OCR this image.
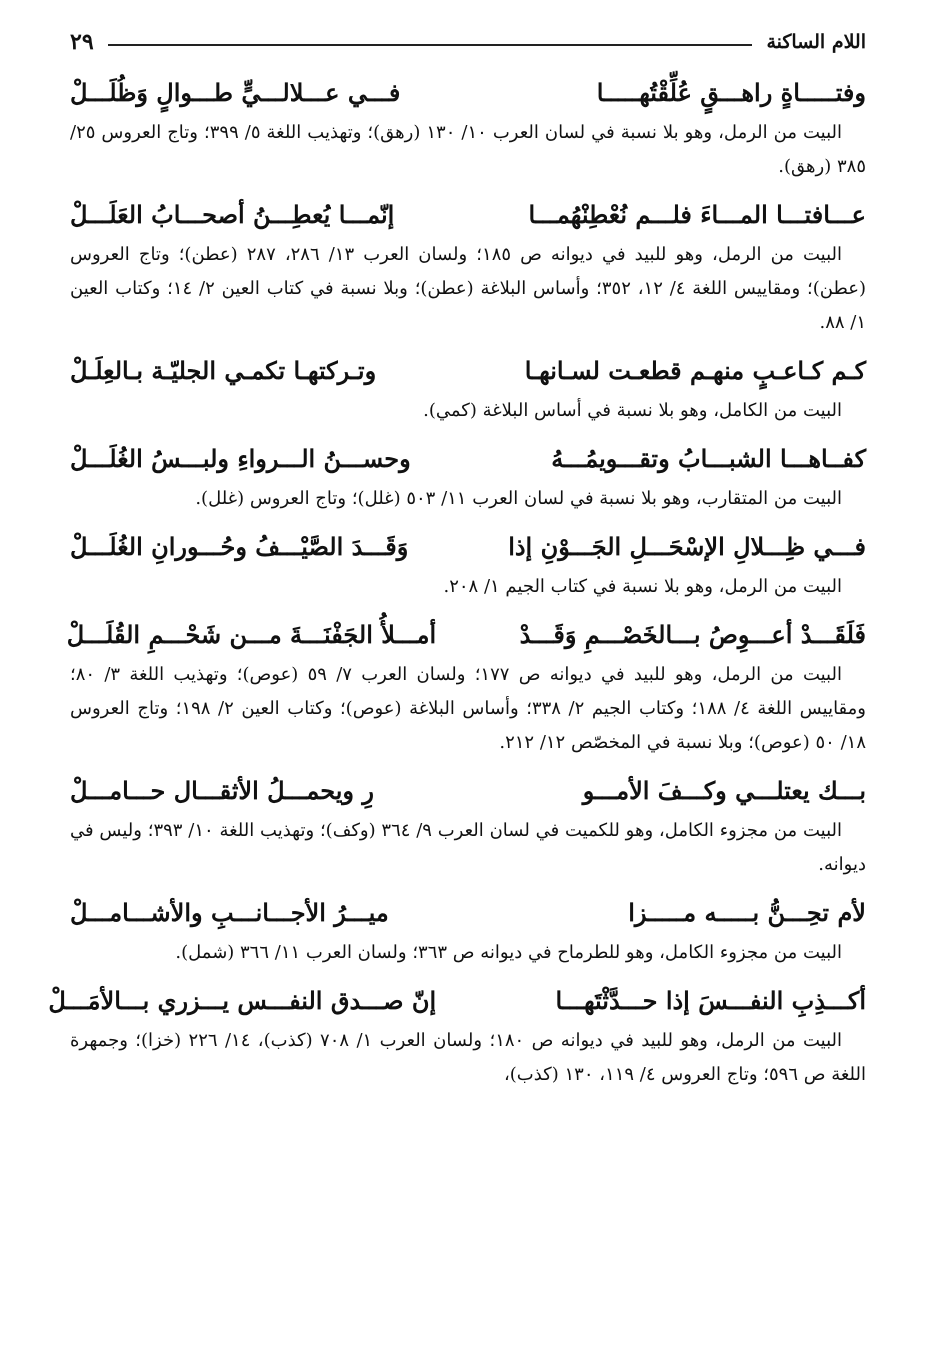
اللام الساكنة
٢٩
وفتـــــاةٍ راهـــقٍ عُلِّقْتُهـــــا
فـــي عـــلالـــيٍّ طـــوالٍ وَظُلَـــلْ

البيت من الرمل، وهو بلا نسبة في لسان العرب ١٠/ ١٣٠ (رهق)؛ وتهذيب اللغة ٥/ ٣٩٩؛ وتاج العروس ٢٥/ ٣٨٥ (رهق).

عـــافتـــا المـــاءَ فلـــم نُعْطِنْهُمـــا
إنّمـــا يُعطِـــنُ أصحـــابُ العَلَـــلْ

البيت من الرمل، وهو للبيد في ديوانه ص ١٨٥؛ ولسان العرب ١٣/ ٢٨٦، ٢٨٧ (عطن)؛ وتاج العروس (عطن)؛ ومقاييس اللغة ٤/ ١٢، ٣٥٢؛ وأساس البلاغة (عطن)؛ وبلا نسبة في كتاب العين ٢/ ١٤؛ وكتاب العين ١/ ٨٨.

كـم كـاعـبٍ منهـم قطعـت لسـانهـا
وتـركتهـا تكمـي الجليّـة بـالعِلَـلْ

البيت من الكامل، وهو بلا نسبة في أساس البلاغة (كمي).

كفــاهـــا الشبـــابُ وتقـــويمُـــهُ
وحســـنُ الـــرواءِ ولبـــسُ الغُلَـــلْ

البيت من المتقارب، وهو بلا نسبة في لسان العرب ١١/ ٥٠٣ (غلل)؛ وتاج العروس (غلل).

فـــي ظِـــلالِ الإسْحَـــلِ الجَـــوْنِ إذا
وَقَـــدَ الصَّيْـــفُ وحُـــورانِ الغُلَـــلْ

البيت من الرمل، وهو بلا نسبة في كتاب الجيم ١/ ٢٠٨.

فَلَقَـــدْ أعـــوِصُ بـــالخَصْـــمِ وَقَـــدْ
أمـــلأُ الجَفْنَـــةَ مـــن شَحْـــمِ القُلَـــلْ

البيت من الرمل، وهو للبيد في ديوانه ص ١٧٧؛ ولسان العرب ٧/ ٥٩ (عوص)؛ وتهذيب اللغة ٣/ ٨٠؛ ومقاييس اللغة ٤/ ١٨٨؛ وكتاب الجيم ٢/ ٣٣٨؛ وأساس البلاغة (عوص)؛ وكتاب العين ٢/ ١٩٨؛ وتاج العروس ١٨/ ٥٠ (عوص)؛ وبلا نسبة في المخصّص ١٢/ ٢١٢.

بـــك يعتلـــي وكـــفَ الأمـــو
رِ ويحمـــلُ الأثقـــال حـــامـــلْ

البيت من مجزوء الكامل، وهو للكميت في لسان العرب ٩/ ٣٦٤ (وكف)؛ وتهذيب اللغة ١٠/ ٣٩٣؛ وليس في ديوانه.

لأم تحِـــنُّ بـــــه مـــــزا
ميـــرُ الأجـــانـــبِ والأشـــامـــلْ

البيت من مجزوء الكامل، وهو للطرماح في ديوانه ص ٣٦٣؛ ولسان العرب ١١/ ٣٦٦ (شمل).

أكـــذِبِ النفـــسَ إذا حـــدَّثْتَهـــا
إنّ صـــدق النفـــس يـــزري بـــالأمَـــلْ

البيت من الرمل، وهو للبيد في ديوانه ص ١٨٠؛ ولسان العرب ١/ ٧٠٨ (كذب)، ١٤/ ٢٢٦ (خزا)؛ وجمهرة اللغة ص ٥٩٦؛ وتاج العروس ٤/ ١١٩، ١٣٠ (كذب)،
